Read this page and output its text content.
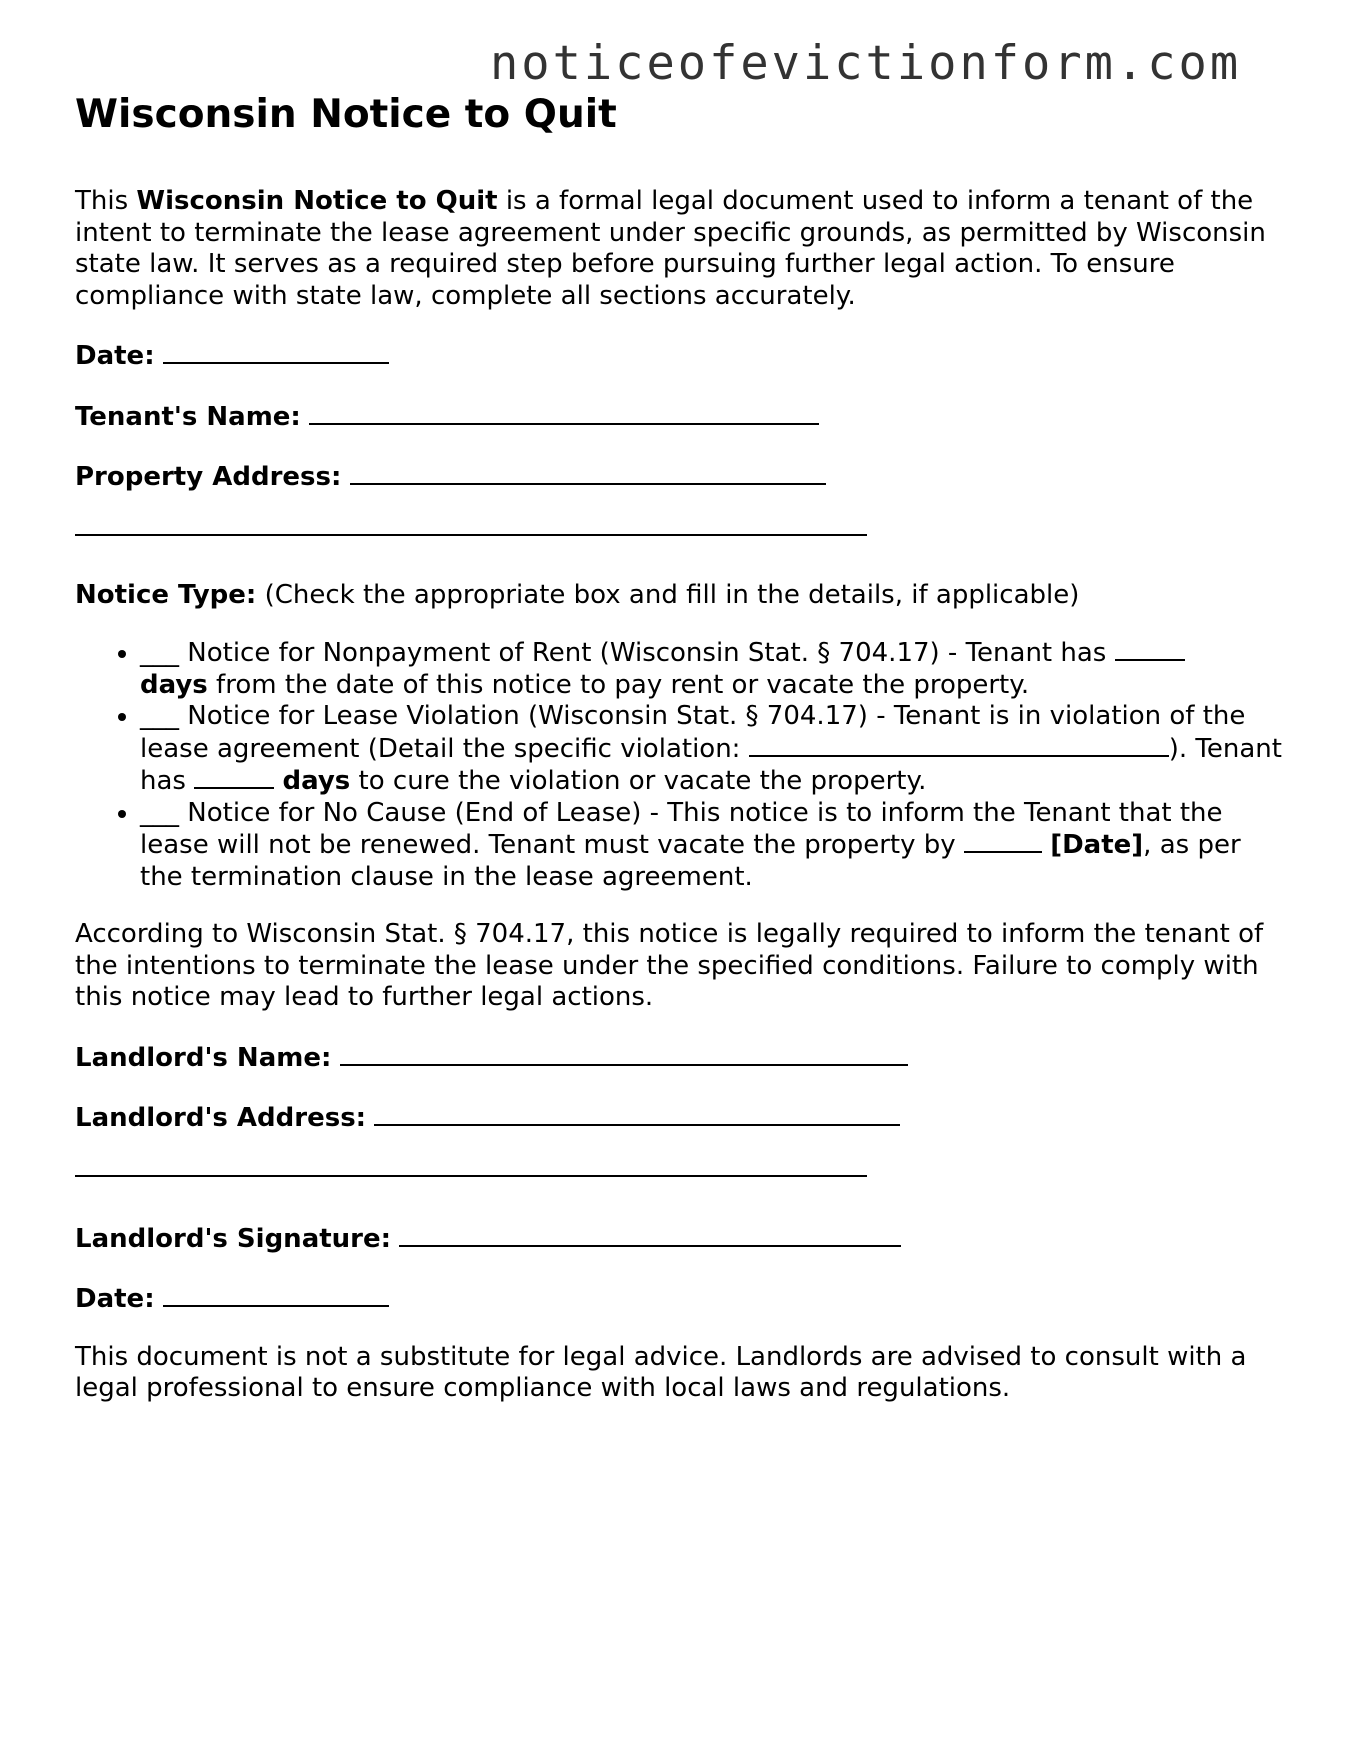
noticeofevictionform.com
Wisconsin Notice to Quit

This Wisconsin Notice to Quit is a formal legal document used to inform a tenant of the intent to terminate the lease agreement under specific grounds, as permitted by Wisconsin state law. It serves as a required step before pursuing further legal action. To ensure compliance with state law, complete all sections accurately.

Date:
Tenant's Name:
Property Address:

Notice Type: (Check the appropriate box and fill in the details, if applicable)

• ___ Notice for Nonpayment of Rent (Wisconsin Stat. § 704.17) - Tenant has
days from the date of this notice to pay rent or vacate the property.
• ___ Notice for Lease Violation (Wisconsin Stat. § 704.17) - Tenant is in violation of the lease agreement (Detail the specific violation:	). Tenant has	days to cure the violation or vacate the property.
• ___ Notice for No Cause (End of Lease) - This notice is to inform the Tenant that the lease will not be renewed. Tenant must vacate the property by	[Date], as per the termination clause in the lease agreement.

According to Wisconsin Stat. § 704.17, this notice is legally required to inform the tenant of the intentions to terminate the lease under the specified conditions. Failure to comply with this notice may lead to further legal actions.

Landlord's Name:
Landlord's Address:
Landlord's Signature:
Date:

This document is not a substitute for legal advice. Landlords are advised to consult with a legal professional to ensure compliance with local laws and regulations.
